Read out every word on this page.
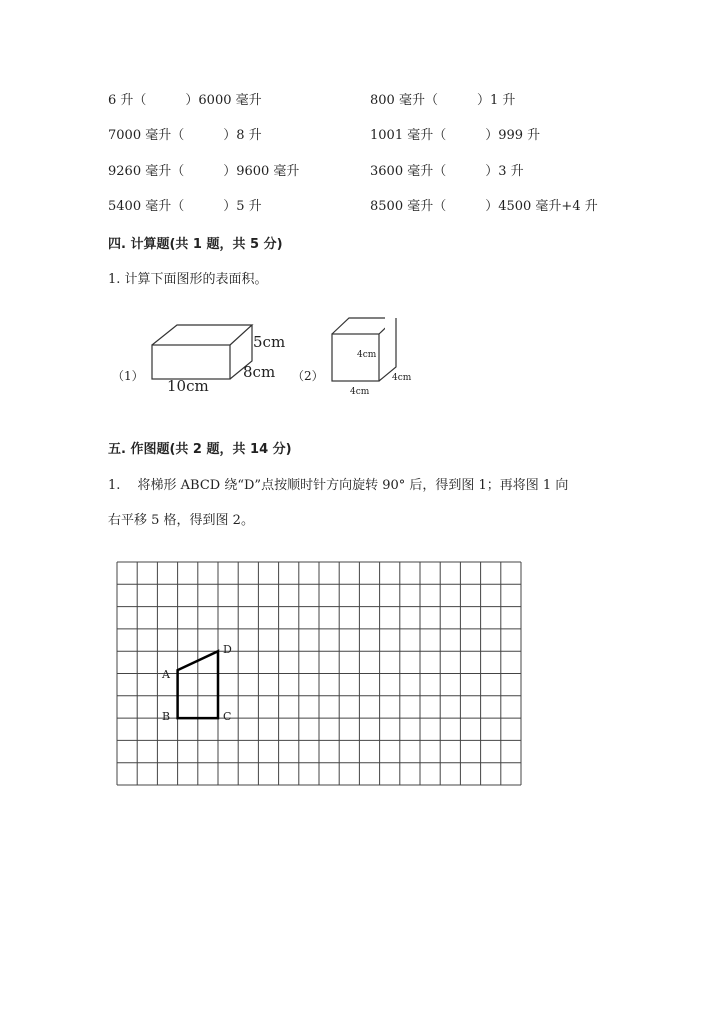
6 升（　　　）6000 毫升	800 毫升（　　　）1 升
7000 毫升（　　　）8 升	1001 毫升（　　　）999 升
9260 毫升（　　　）9600 毫升	3600 毫升（　　　）3 升
5400 毫升（　　　）5 升	8500 毫升（　　　）4500 毫升+4 升
四. 计算题(共 1 题，共 5 分)
1. 计算下面图形的表面积。
（1）
5cm
8cm
10cm
（2）
4cm
4cm
4cm
五. 作图题(共 2 题，共 14 分)
1.　 将梯形 ABCD 绕“D”点按顺时针方向旋转 90° 后，得到图 1；再将图 1 向
右平移 5 格，得到图 2。
A
B	C
D
